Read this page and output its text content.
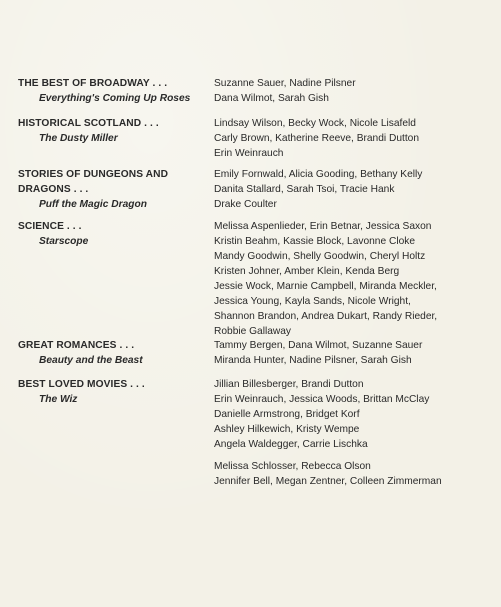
THE BEST OF BROADWAY . . .
Everything's Coming Up Roses
Suzanne Sauer, Nadine Pilsner
Dana Wilmot, Sarah Gish
HISTORICAL SCOTLAND . . .
The Dusty Miller
Lindsay Wilson, Becky Wock, Nicole Lisafeld
Carly Brown, Katherine Reeve, Brandi Dutton
Erin Weinrauch
STORIES OF DUNGEONS AND
DRAGONS . . .
Puff the Magic Dragon
Emily Fornwald, Alicia Gooding, Bethany Kelly
Danita Stallard, Sarah Tsoi, Tracie Hank
Drake Coulter
SCIENCE . . .
Starscope
Melissa Aspenlieder, Erin Betnar, Jessica Saxon
Kristin Beahm, Kassie Block, Lavonne Cloke
Mandy Goodwin, Shelly Goodwin, Cheryl Holtz
Kristen Johner, Amber Klein, Kenda Berg
Jessie Wock, Marnie Campbell, Miranda Meckler,
Jessica Young, Kayla Sands, Nicole Wright,
Shannon Brandon, Andrea Dukart, Randy Rieder,
Robbie Gallaway
GREAT ROMANCES . . .
Beauty and the Beast
Tammy Bergen, Dana Wilmot, Suzanne Sauer
Miranda Hunter, Nadine Pilsner, Sarah Gish
BEST LOVED MOVIES . . .
The Wiz
Jillian Billesberger, Brandi Dutton
Erin Weinrauch, Jessica Woods, Brittan McClay
Danielle Armstrong, Bridget Korf
Ashley Hilkewich, Kristy Wempe
Angela Waldegger, Carrie Lischka
Melissa Schlosser, Rebecca Olson
Jennifer Bell, Megan Zentner, Colleen Zimmerman
